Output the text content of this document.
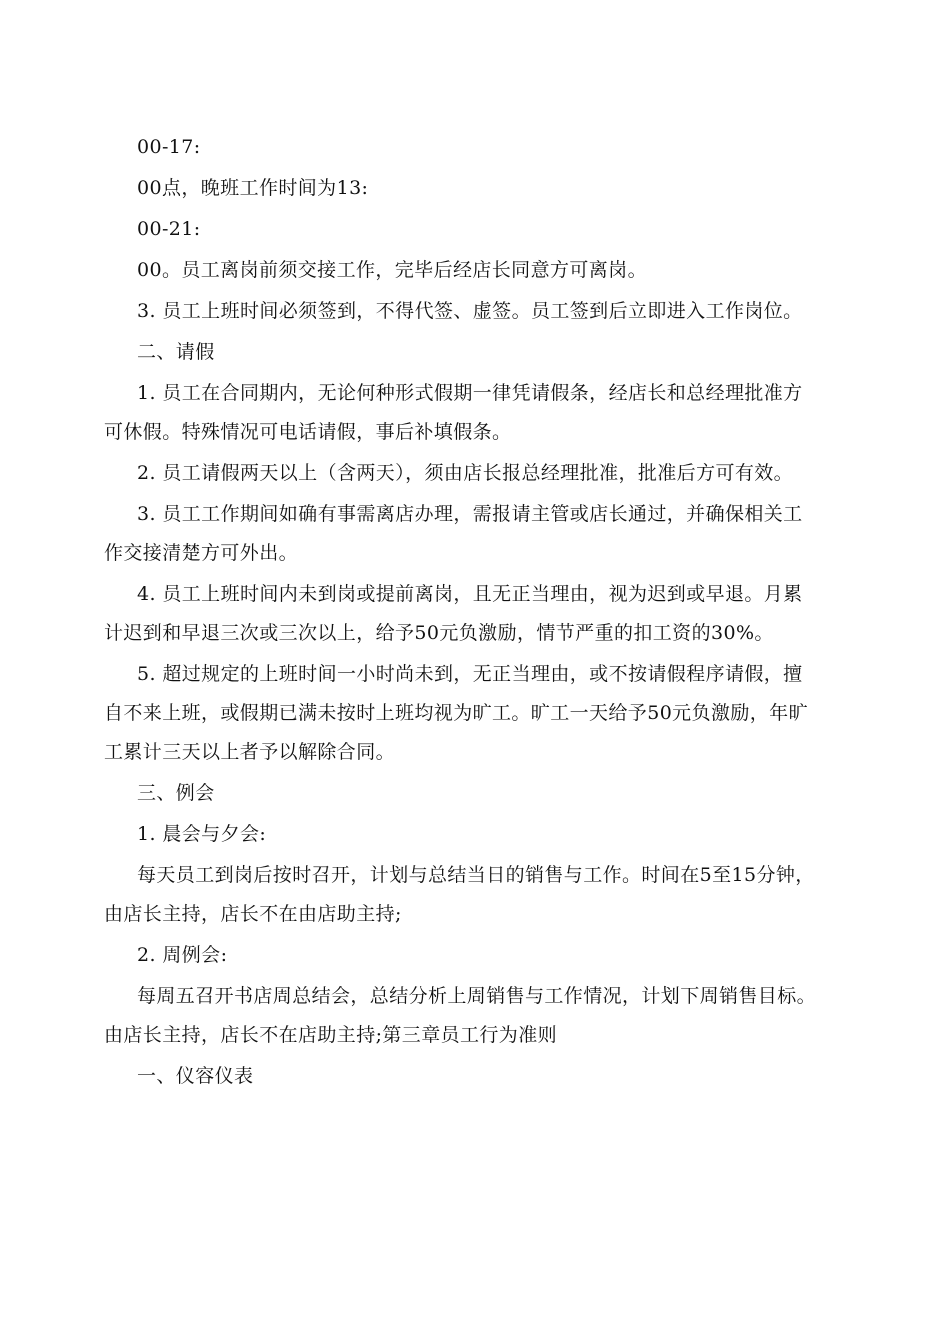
00-17:
00点，晚班工作时间为13:
00-21:
00。员工离岗前须交接工作，完毕后经店长同意方可离岗。
3. 员工上班时间必须签到，不得代签、虚签。员工签到后立即进入工作岗位。
二、请假
1. 员工在合同期内，无论何种形式假期一律凭请假条，经店长和总经理批准方
可休假。特殊情况可电话请假，事后补填假条。
2. 员工请假两天以上（含两天），须由店长报总经理批准，批准后方可有效。
3. 员工工作期间如确有事需离店办理，需报请主管或店长通过，并确保相关工
作交接清楚方可外出。
4. 员工上班时间内未到岗或提前离岗，且无正当理由，视为迟到或早退。月累
计迟到和早退三次或三次以上，给予50元负激励，情节严重的扣工资的30%。
5. 超过规定的上班时间一小时尚未到，无正当理由，或不按请假程序请假，擅
自不来上班，或假期已满未按时上班均视为旷工。旷工一天给予50元负激励，年旷
工累计三天以上者予以解除合同。
三、例会
1. 晨会与夕会:
每天员工到岗后按时召开，计划与总结当日的销售与工作。时间在5至15分钟，
由店长主持，店长不在由店助主持;
2. 周例会:
每周五召开书店周总结会，总结分析上周销售与工作情况，计划下周销售目标。
由店长主持，店长不在店助主持;第三章员工行为准则
一、仪容仪表
